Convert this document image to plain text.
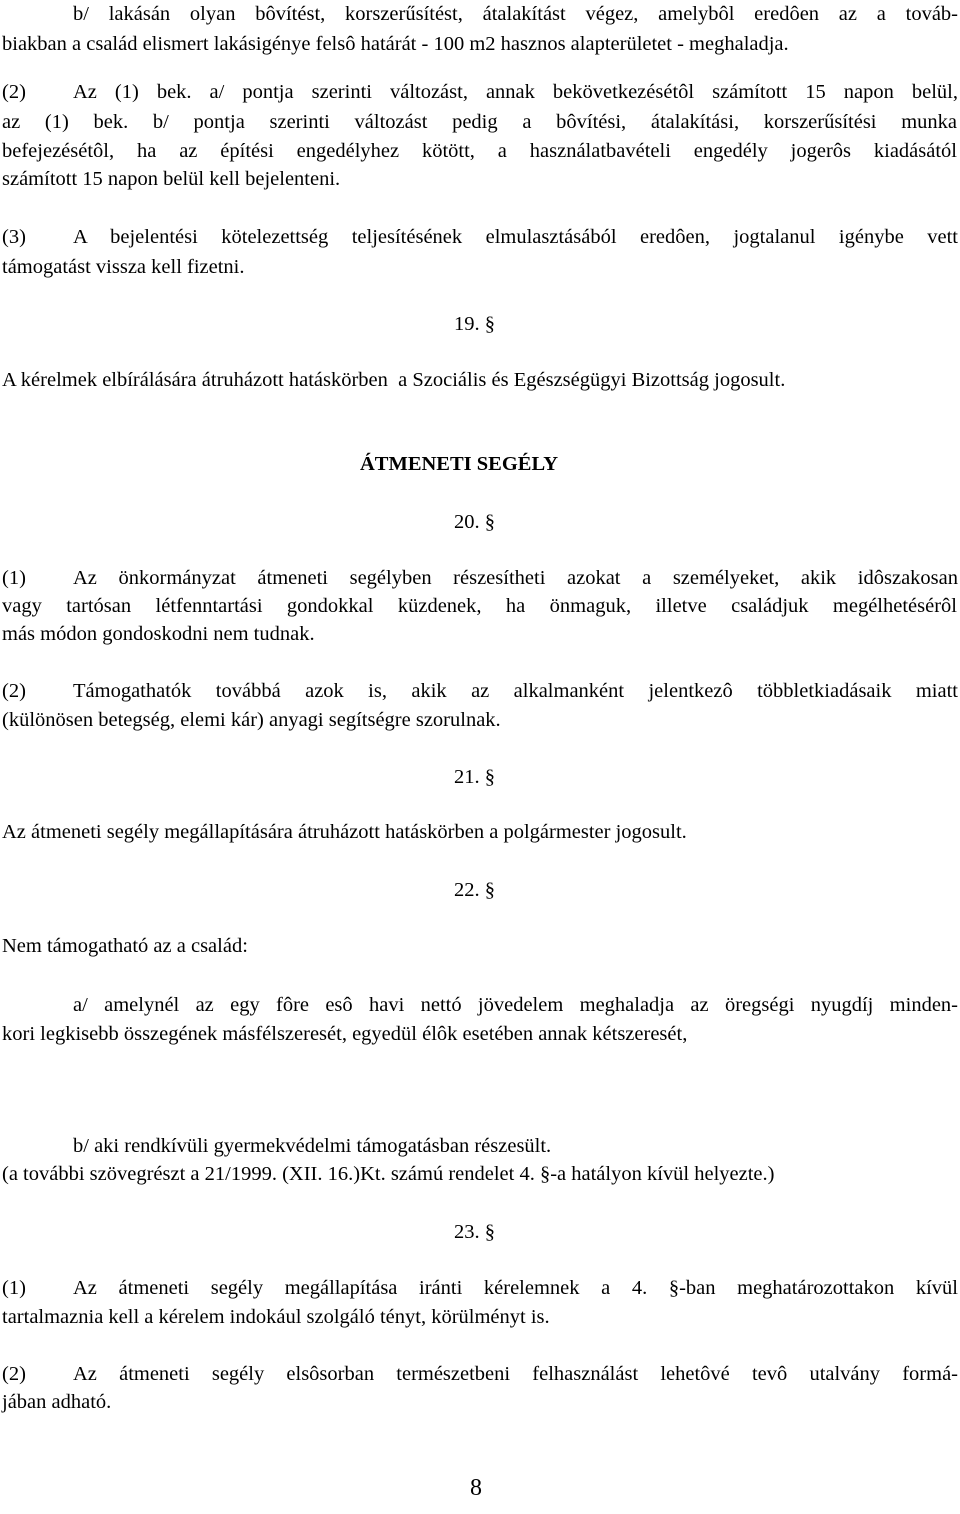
b/ lakásán olyan bôvítést, korszerűsítést, átalakítást végez, amelybôl eredôen az a továb-
biakban a család elismert lakásigénye felsô határát - 100 m2 hasznos alapterületet - meghaladja.
(2) Az (1) bek. a/ pontja szerinti változást, annak bekövetkezésétôl számított 15 napon belül,
az (1) bek. b/ pontja szerinti változást pedig a bôvítési, átalakítási, korszerűsítési munka
befejezésétôl, ha az építési engedélyhez kötött, a használatbavételi engedély jogerôs kiadásától
számított 15 napon belül kell bejelenteni.
(3) A bejelentési kötelezettség teljesítésének elmulasztásából eredôen, jogtalanul igénybe vett
támogatást vissza kell fizetni.
19. §
A kérelmek elbírálására átruházott hatáskörben  a Szociális és Egészségügyi Bizottság jogosult.
ÁTMENETI SEGÉLY
20. §
(1) Az önkormányzat átmeneti segélyben részesítheti azokat a személyeket, akik idôszakosan
vagy tartósan létfenntartási gondokkal küzdenek, ha önmaguk, illetve családjuk megélhetésérôl
más módon gondoskodni nem tudnak.
(2) Támogathatók továbbá azok is, akik az alkalmanként jelentkezô többletkiadásaik miatt
(különösen betegség, elemi kár) anyagi segítségre szorulnak.
21. §
Az átmeneti segély megállapítására átruházott hatáskörben a polgármester jogosult.
22. §
Nem támogatható az a család:
a/ amelynél az egy fôre esô havi nettó jövedelem meghaladja az öregségi nyugdíj minden-
kori legkisebb összegének másfélszeresét, egyedül élôk esetében annak kétszeresét,
b/ aki rendkívüli gyermekvédelmi támogatásban részesült.
(a további szövegrészt a 21/1999. (XII. 16.)Kt. számú rendelet 4. §-a hatályon kívül helyezte.)
23. §
(1) Az átmeneti segély megállapítása iránti kérelemnek a 4. §-ban meghatározottakon kívül
tartalmaznia kell a kérelem indokául szolgáló tényt, körülményt is.
(2) Az átmeneti segély elsôsorban természetbeni felhasználást lehetôvé tevô utalvány formá-
jában adható.
8
